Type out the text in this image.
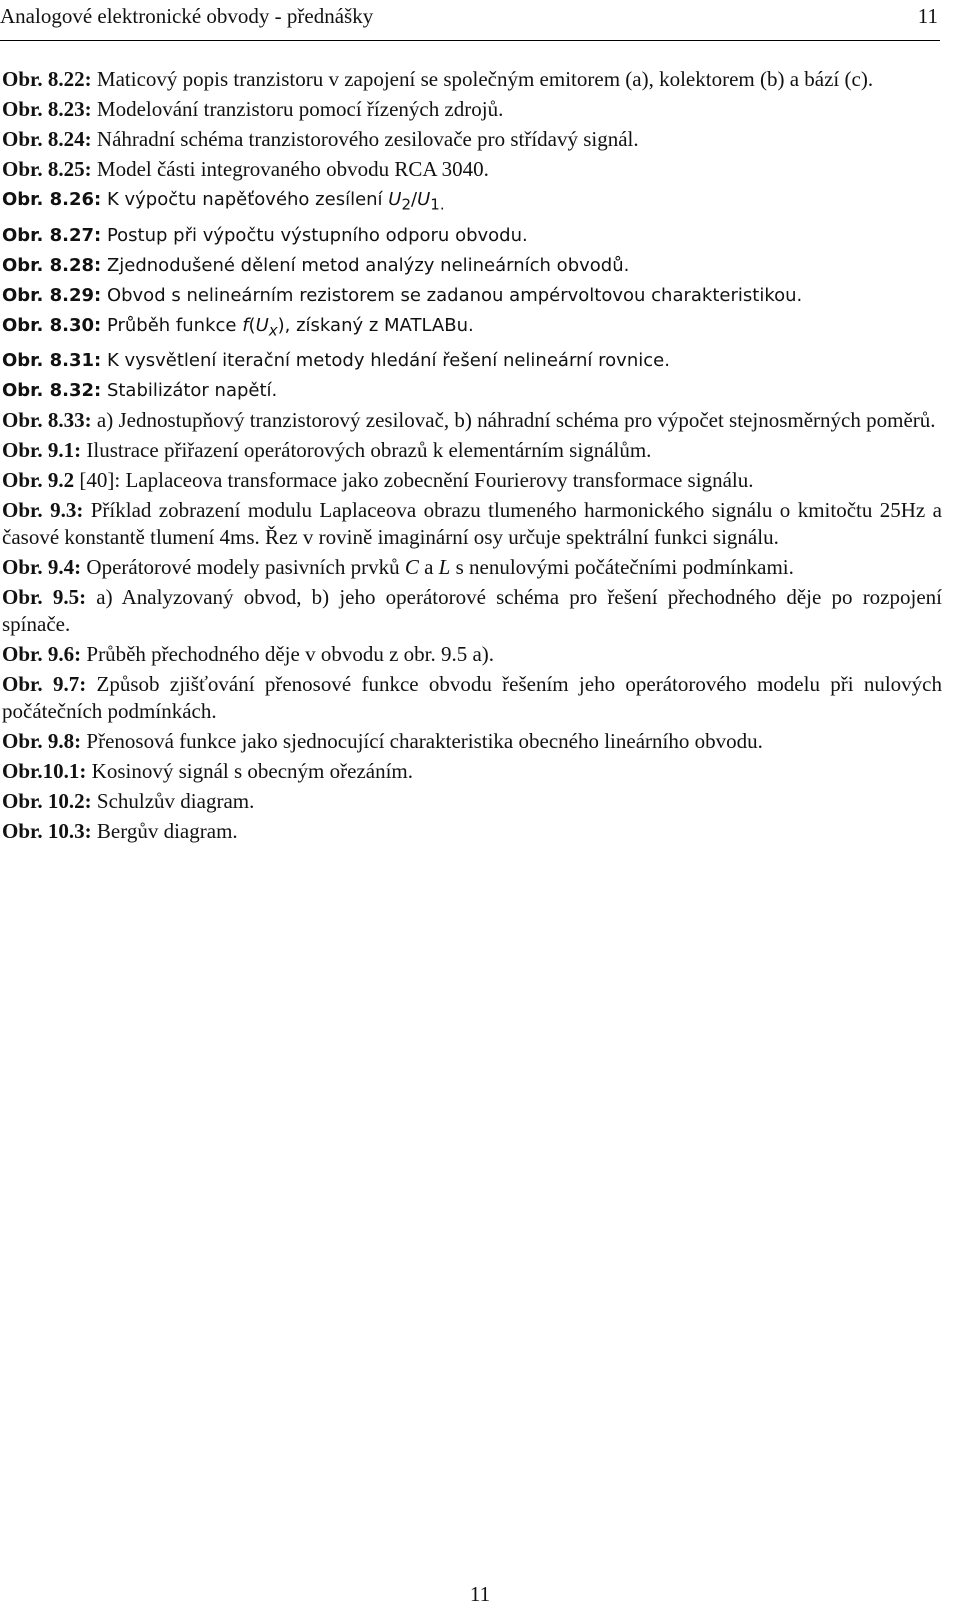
Analogové elektronické obvody - přednášky	11

Obr. 8.22: Maticový popis tranzistoru v zapojení se společným emitorem (a), kolektorem (b) a bází (c).

Obr. 8.23: Modelování tranzistoru pomocí řízených zdrojů.

Obr. 8.24: Náhradní schéma tranzistorového zesilovače pro střídavý signál.

Obr. 8.25: Model části integrovaného obvodu RCA 3040.

Obr. 8.26: K výpočtu napěťového zesílení $U_2/U_{1.}$

Obr. 8.27: Postup při výpočtu výstupního odporu obvodu.

Obr. 8.28: Zjednodušené dělení metod analýzy nelineárních obvodů.

Obr. 8.29: Obvod s nelineárním rezistorem se zadanou ampérvoltovou charakteristikou.

Obr. 8.30: Průběh funkce $f(U_x)$, získaný z MATLABu.

Obr. 8.31: K vysvětlení iterační metody hledání řešení nelineární rovnice.

Obr. 8.32: Stabilizátor napětí.

Obr. 8.33: a) Jednostupňový tranzistorový zesilovač, b) náhradní schéma pro výpočet stejnosměrných poměrů.

Obr. 9.1: Ilustrace přiřazení operátorových obrazů k elementárním signálům.

Obr. 9.2 [40]: Laplaceova transformace jako zobecnění Fourierovy transformace signálu.

Obr. 9.3: Příklad zobrazení modulu Laplaceova obrazu tlumeného harmonického signálu o kmitočtu 25Hz a časové konstantě tlumení 4ms. Řez v rovině imaginární osy určuje spektrální funkci signálu.

Obr. 9.4: Operátorové modely pasivních prvků C a L s nenulovými počátečními podmínkami.

Obr. 9.5: a) Analyzovaný obvod, b) jeho operátorové schéma pro řešení přechodného děje po rozpojení spínače.

Obr. 9.6: Průběh přechodného děje v obvodu z obr. 9.5 a).

Obr. 9.7: Způsob zjišťování přenosové funkce obvodu řešením jeho operátorového modelu při nulových počátečních podmínkách.

Obr. 9.8: Přenosová funkce jako sjednocující charakteristika obecného lineárního obvodu.

Obr.10.1: Kosinový signál s obecným ořezáním.

Obr. 10.2: Schulzův diagram.

Obr. 10.3: Bergův diagram.

11
